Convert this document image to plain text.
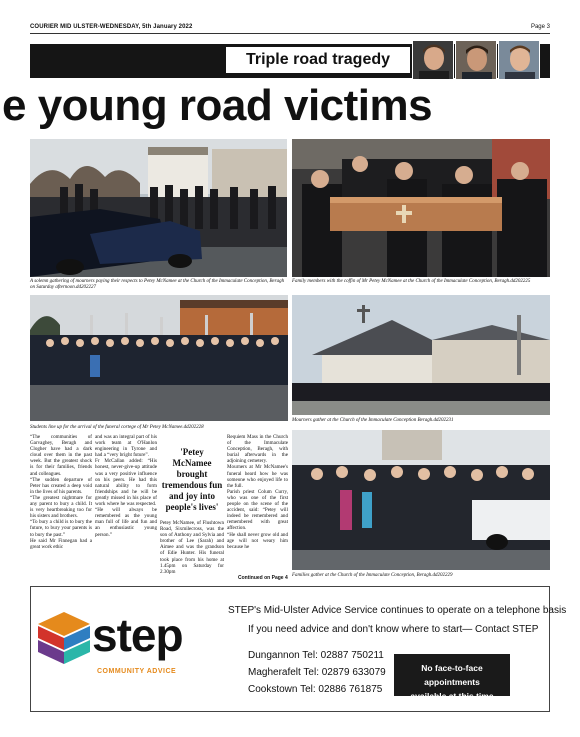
COURIER MID ULSTER-WEDNESDAY, 5th January 2022	Page 3
Triple road tragedy
e young road victims
A solemn gathering of mourners paying their respects to Petey McNamee at the Church of the Immaculate Conception, Beragh on Saturday afternoon.dd202227
Family members with the coffin of Mr Petey McNamee at the Church of the Immaculate Conception, Beragh.dd202225
Students line up for the arrival of the funeral cortege of Mr Petey McNamee.dd202228
Mourners gather at the Church of the Immaculate Conception Beragh.dd202231
Families gather at the Church of the Immaculate Conception, Beragh.dd202229

“The communities of Garvaghey, Beragh and Clogher have had a dark cloud over them in the past week. But the greatest shock is for their families, friends and colleagues.

“The sudden departure of Peter has created a deep void in the lives of his parents.

“The greatest nightmare for any parent to bury a child. It is very heartbreaking too for his sisters and brothers.

“To bury a child is to bury the future, to bury your parents is to bury the past.”

He said Mr Finnegan had a great work ethic

and was an integral part of his work team at O'Hanlon engineering in Tyrone and had a “very bright future”.

Fr McCallan added: “His honest, never-give-up attitude was a very positive influence on his peers. He had this natural ability to form friendships and he will be greatly missed in his place of work where he was respected.

“He will always be remembered as the young man full of life and fun and an enthusiastic young person.”

'Petey McNamee brought tremendous fun and joy into people's lives'
Petey McNamee, of Flushtown Road, Sixmilecross, was the son of Anthony and Sylvia and brother of Lee (Sarah) and Aimee and was the grandson of Edie Hunter. His funeral took place from his home at 1.45pm on Saturday for 2.30pm

Requiem Mass in the Church of the Immaculate Conception, Beragh, with burial afterwards in the adjoining cemetery.

Mourners at Mr McNamee's funeral heard how he was someone who enjoyed life to the full.

Parish priest Colum Curry, who was one of the first people on the scene of the accident, said: “Petey will indeed be remembered and remembered with great affection.

“He shall never grow old and age will not weary him because he

Continued on Page 4
step
COMMUNITY ADVICE
STEP's Mid-Ulster Advice Service continues to operate on a telephone basis
If you need advice and don't know where to start— Contact STEP
Dungannon Tel: 02887 750211
Magherafelt Tel: 02879 633079
Cookstown Tel: 02886 761875
No face-to-face appointments
available at this time
